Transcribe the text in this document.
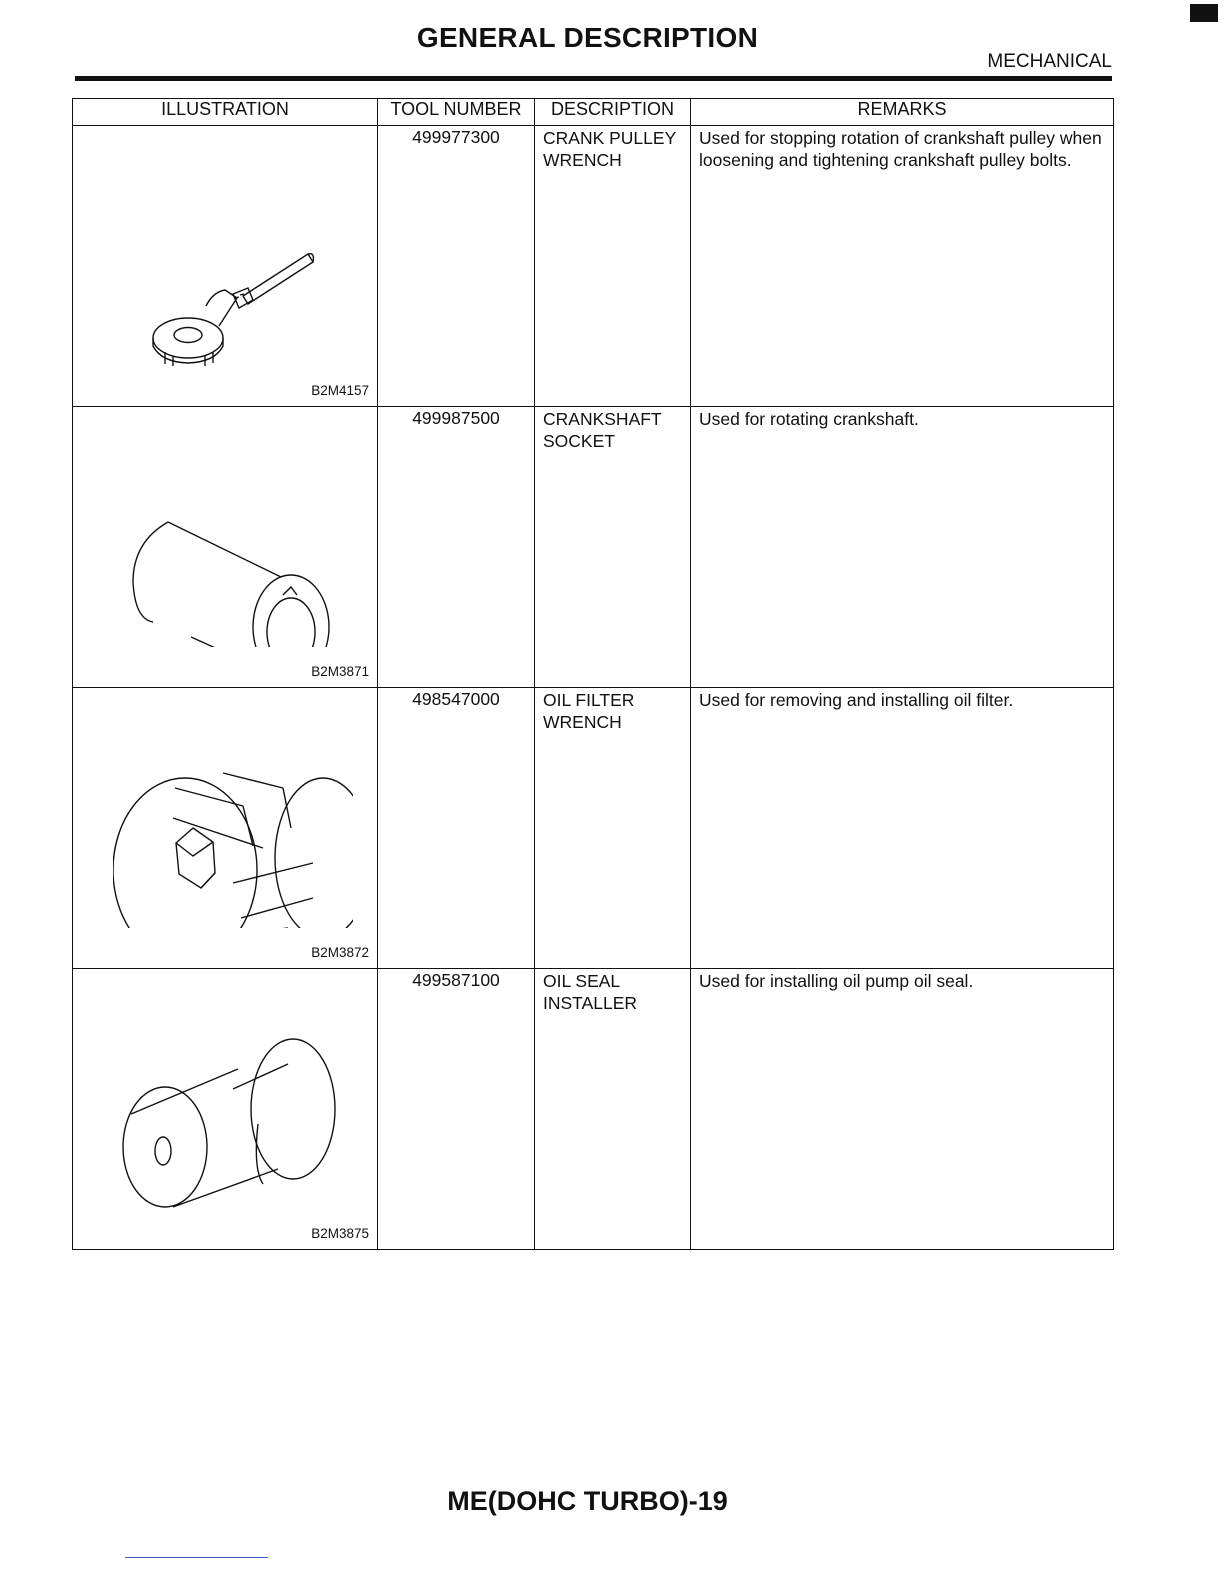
GENERAL DESCRIPTION
MECHANICAL
ILLUSTRATION	TOOL NUMBER	DESCRIPTION	REMARKS

B2M4157	499977300	CRANK PULLEY WRENCH	Used for stopping rotation of crankshaft pulley when loosening and tightening crankshaft pulley bolts.

B2M3871	499987500	CRANKSHAFT SOCKET	Used for rotating crankshaft.

B2M3872	498547000	OIL FILTER WRENCH	Used for removing and installing oil filter.

B2M3875	499587100	OIL SEAL INSTALLER	Used for installing oil pump oil seal.
ME(DOHC TURBO)-19
